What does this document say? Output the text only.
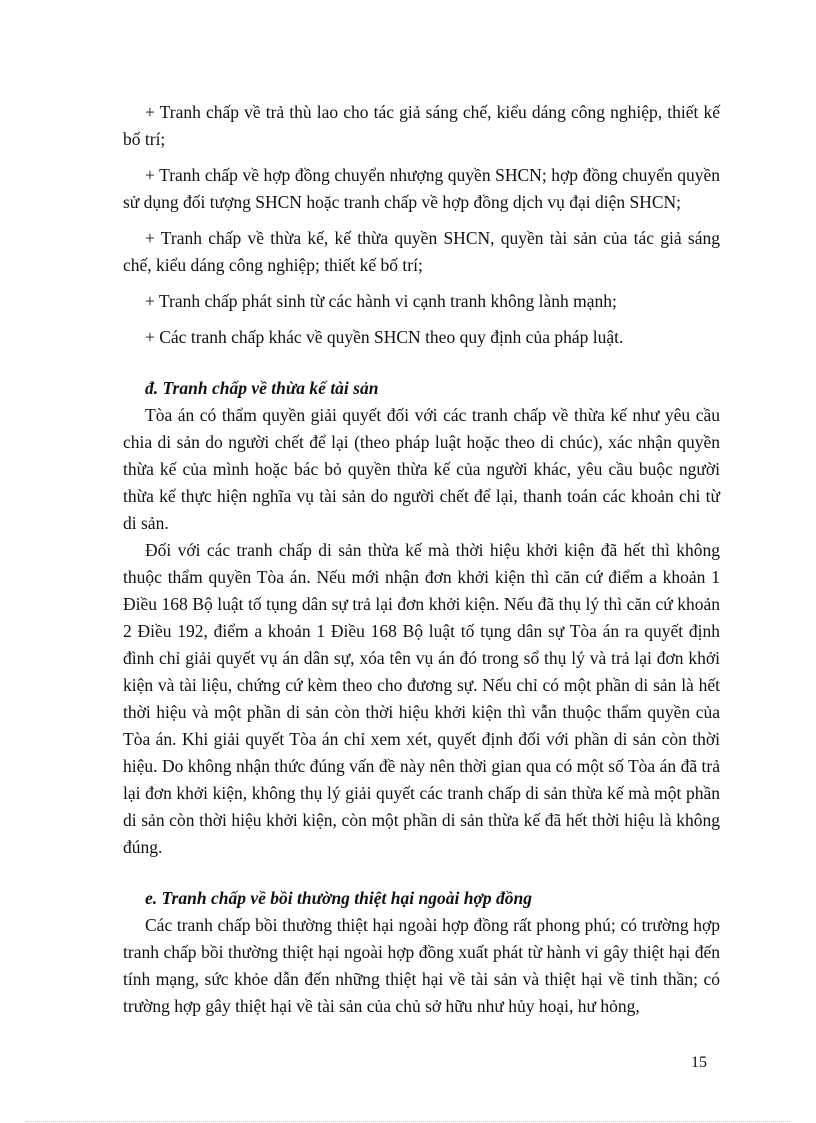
+ Tranh chấp về trả thù lao cho tác giả sáng chế, kiểu dáng công nghiệp, thiết kế bố trí;

+ Tranh chấp về hợp đồng chuyển nhượng quyền SHCN; hợp đồng chuyển quyền sử dụng đối tượng SHCN hoặc tranh chấp về hợp đồng dịch vụ đại diện SHCN;

+ Tranh chấp về thừa kế, kế thừa quyền SHCN, quyền tài sản của tác giả sáng chế, kiểu dáng công nghiệp; thiết kế bố trí;

+ Tranh chấp phát sinh từ các hành vi cạnh tranh không lành mạnh;

+ Các tranh chấp khác về quyền SHCN theo quy định của pháp luật.

đ. Tranh chấp về thừa kế tài sản

Tòa án có thẩm quyền giải quyết đối với các tranh chấp về thừa kế như yêu cầu chia di sản do người chết để lại (theo pháp luật hoặc theo di chúc), xác nhận quyền thừa kế của mình hoặc bác bỏ quyền thừa kế của người khác, yêu cầu buộc người thừa kế thực hiện nghĩa vụ tài sản do người chết để lại, thanh toán các khoản chi từ di sản.

Đối với các tranh chấp di sản thừa kế mà thời hiệu khởi kiện đã hết thì không thuộc thẩm quyền Tòa án. Nếu mới nhận đơn khởi kiện thì căn cứ điểm a khoản 1 Điều 168 Bộ luật tố tụng dân sự trả lại đơn khởi kiện. Nếu đã thụ lý thì căn cứ khoản 2 Điều 192, điểm a khoản 1 Điều 168 Bộ luật tố tụng dân sự Tòa án ra quyết định đình chỉ giải quyết vụ án dân sự, xóa tên vụ án đó trong sổ thụ lý và trả lại đơn khởi kiện và tài liệu, chứng cứ kèm theo cho đương sự. Nếu chỉ có một phần di sản là hết thời hiệu và một phần di sản còn thời hiệu khởi kiện thì vẫn thuộc thẩm quyền của Tòa án. Khi giải quyết Tòa án chỉ xem xét, quyết định đối với phần di sản còn thời hiệu. Do không nhận thức đúng vấn đề này nên thời gian qua có một số Tòa án đã trả lại đơn khởi kiện, không thụ lý giải quyết các tranh chấp di sản thừa kế mà một phần di sản còn thời hiệu khởi kiện, còn một phần di sản thừa kế đã hết thời hiệu là không đúng.

e. Tranh chấp về bồi thường thiệt hại ngoài hợp đồng

Các tranh chấp bồi thường thiệt hại ngoài hợp đồng rất phong phú; có trường hợp tranh chấp bồi thường thiệt hại ngoài hợp đồng xuất phát từ hành vi gây thiệt hại đến tính mạng, sức khỏe dẫn đến những thiệt hại về tài sản và thiệt hại về tinh thần; có trường hợp gây thiệt hại về tài sản của chủ sở hữu như hủy hoại, hư hỏng,

15
